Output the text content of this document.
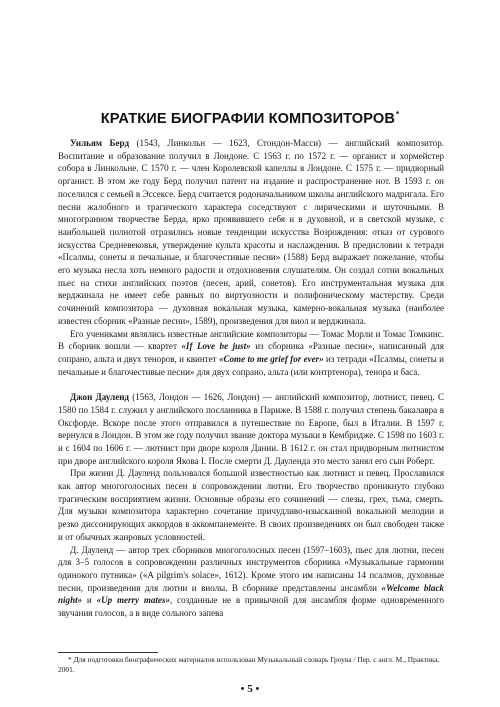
КРАТКИЕ БИОГРАФИИ КОМПОЗИТОРОВ*

Уильям Берд (1543, Линкольн — 1623, Стондон-Масси) — английский композитор. Воспитание и образование получил в Лондоне. С 1563 г. по 1572 г. — органист и хормейстер собора в Линкольне. С 1570 г. — член Королевской капеллы в Лондоне. С 1575 г. — придворный органист. В этом же году Берд получил патент на издание и распространение нот. В 1593 г. он поселился с семьей в Эссексе. Берд считается родоначальником школы английского мадригала. Его песни жалобного и трагического характера соседствуют с лирическими и шуточными. В многогранном творчестве Берда, ярко проявившего себя и в духовной, и в светской музыке, с наибольшей полнотой отразились новые тенденции искусства Возрождения: отказ от сурового искусства Средневековья, утверждение культа красоты и наслаждения. В предисловии к тетради «Псалмы, сонеты и печальные, и благочестивые песни» (1588) Берд выражает пожелание, чтобы его музыка несла хоть немного радости и отдохновения слушателям. Он создал сотни вокальных пьес на стихи английских поэтов (песен, арий, сонетов). Его инструментальная музыка для верджинала не имеет себе равных по виртуозности и полифоническому мастерству. Среди сочинений композитора — духовная вокальная музыка, камерно-вокальная музыка (наиболее известен сборник «Разные песни», 1589), произведения для виол и верджинала.

Его учениками являлись известные английские композиторы — Томас Морли и Томас Томкинс. В сборник вошли — квартет «If Love be just» из сборника «Разные песни», написанный для сопрано, альта и двух теноров, и квинтет «Come to me grief for ever» из тетради «Псалмы, сонеты и печальные и благочестивые песни» для двух сопрано, альта (или контртенора), тенора и баса.

Джон Дауленд (1563, Лондон — 1626, Лондон) — английский композитор, лютнист, певец. С 1580 по 1584 г. служил у английского посланника в Париже. В 1588 г. получил степень бакалавра в Оксфорде. Вскоре после этого отправился в путешествие по Европе, был в Италии. В 1597 г. вернулся в Лондон. В этом же году получил звание доктора музыки в Кембридже. С 1598 по 1603 г. и с 1604 по 1606 г. — лютнист при дворе короля Дании. В 1612 г. он стал придворным лютнистом при дворе английского короля Якова I. После смерти Д. Дауленда это место занял его сын Роберт.

При жизни Д. Дауленд пользовался большой известностью как лютнист и певец. Прославился как автор многоголосных песен в сопровождении лютни. Его творчество проникнуто глубоко трагическим восприятием жизни. Основные образы его сочинений — слезы, грех, тьма, смерть. Для музыки композитора характерно сочетание причудливо-изысканной вокальной мелодии и резко диссонирующих аккордов в аккомпанементе. В своих произведениях он был свободен также и от обычных жанровых условностей.

Д. Дауленд — автор трех сборников многоголосных песен (1597–1603), пьес для лютни, песен для 3–5 голосов в сопровождении различных инструментов сборника «Музыкальные гармонии одинокого путника» («A pilgrim's solace», 1612). Кроме этого им написаны 14 псалмов, духовные песни, произведения для лютни и виолы. В сборнике представлены ансамбли «Welcome black night» и «Up merry mates», созданные не в привычной для ансамбля форме одновременного звучания голосов, а в виде сольного запева

* Для подготовки биографических материалов использован Музыкальный словарь Гроува / Пер. с англ. М., Практика, 2001.
• 5 •
